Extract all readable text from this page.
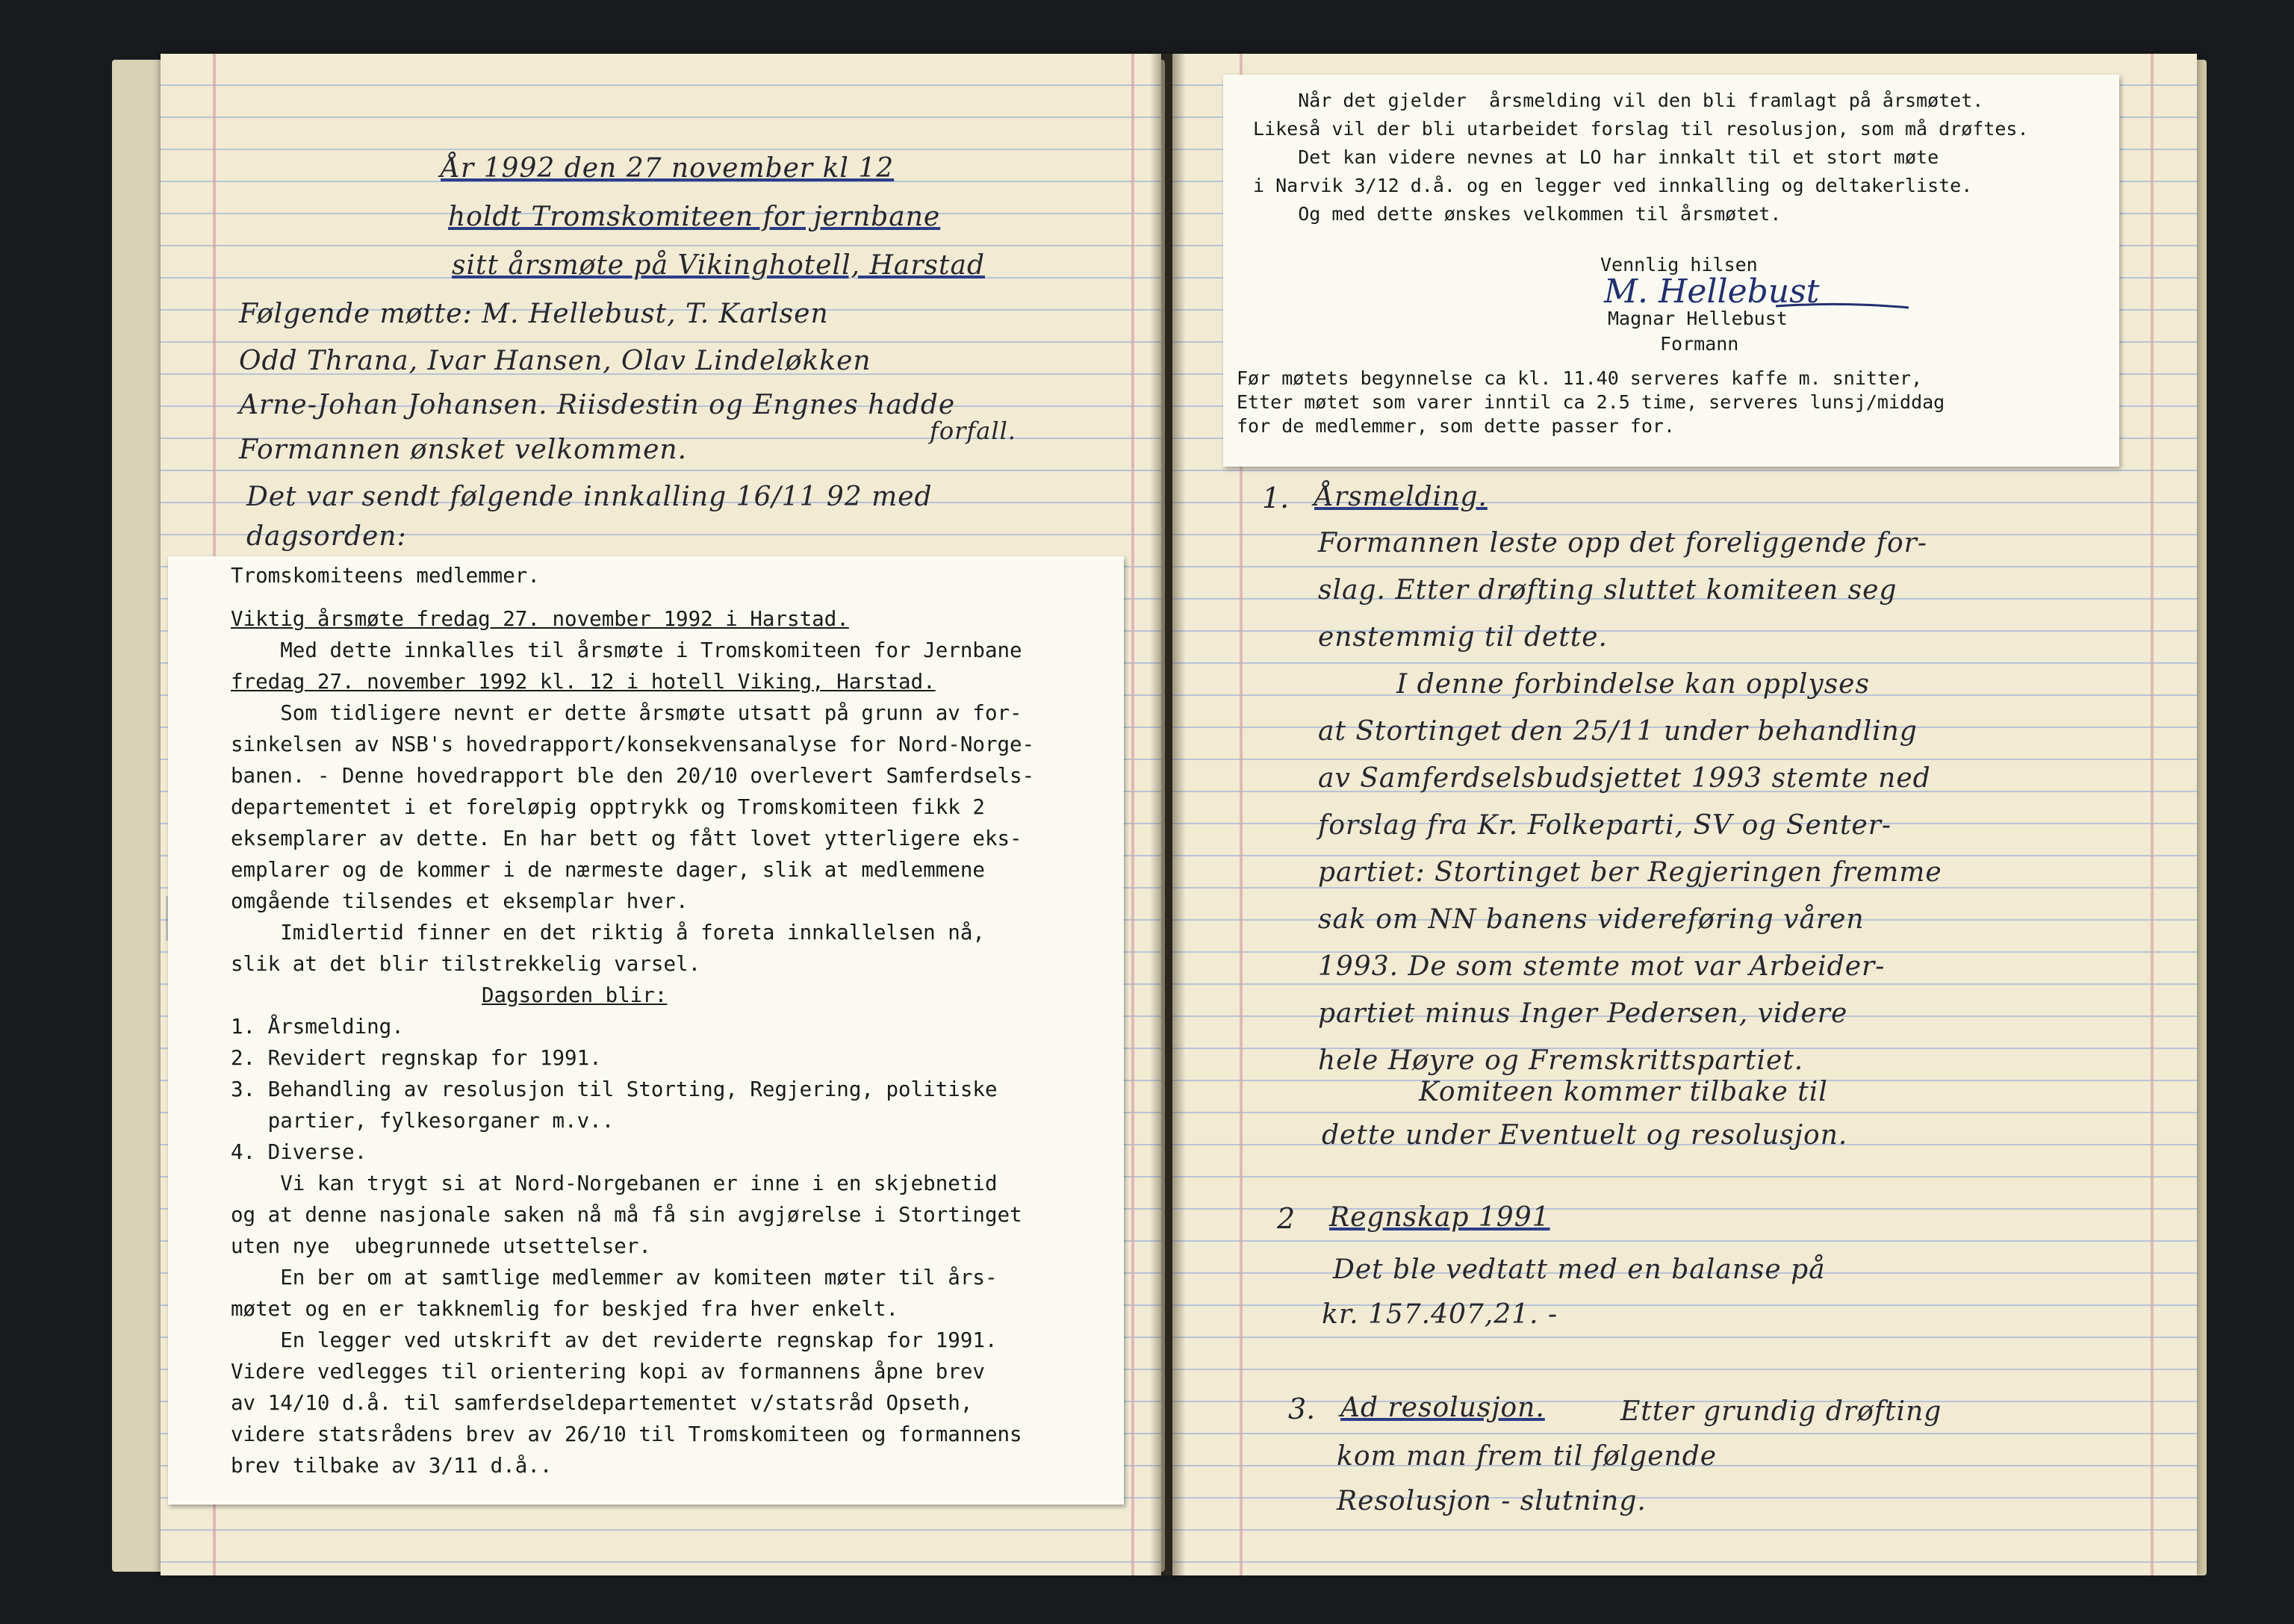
År 1992 den 27 november kl 12

holdt Tromskomiteen for jernbane

sitt årsmøte på Vikinghotell, Harstad

Følgende møtte: M. Hellebust, T. Karlsen

Odd Thrana, Ivar Hansen, Olav Lindeløkken

Arne-Johan Johansen. Riisdestin og Engnes hadde

Formannen ønsket velkommen.

forfall.

Det var sendt følgende innkalling 16/11 92 med

dagsorden:

Tromskomiteens medlemmer.

Viktig årsmøte fredag 27. november 1992 i Harstad.

Med dette innkalles til årsmøte i Tromskomiteen for Jernbane

fredag 27. november 1992 kl. 12 i hotell Viking, Harstad.

Som tidligere nevnt er dette årsmøte utsatt på grunn av for-

sinkelsen av NSB's hovedrapport/konsekvensanalyse for Nord-Norge-

banen. - Denne hovedrapport ble den 20/10 overlevert Samferdsels-

departementet i et foreløpig opptrykk og Tromskomiteen fikk 2

eksemplarer av dette. En har bett og fått lovet ytterligere eks-

emplarer og de kommer i de nærmeste dager, slik at medlemmene

omgående tilsendes et eksemplar hver.

Imidlertid finner en det riktig å foreta innkallelsen nå,

slik at det blir tilstrekkelig varsel.

Dagsorden blir:

1. Årsmelding.

2. Revidert regnskap for 1991.

3. Behandling av resolusjon til Storting, Regjering, politiske

partier, fylkesorganer m.v..

4. Diverse.

Vi kan trygt si at Nord-Norgebanen er inne i en skjebnetid

og at denne nasjonale saken nå må få sin avgjørelse i Stortinget

uten nye  ubegrunnede utsettelser.

En ber om at samtlige medlemmer av komiteen møter til års-

møtet og en er takknemlig for beskjed fra hver enkelt.

En legger ved utskrift av det reviderte regnskap for 1991.

Videre vedlegges til orientering kopi av formannens åpne brev

av 14/10 d.å. til samferdseldepartementet v/statsråd Opseth,

videre statsrådens brev av 26/10 til Tromskomiteen og formannens

brev tilbake av 3/11 d.å..

Når det gjelder  årsmelding vil den bli framlagt på årsmøtet.

Likeså vil der bli utarbeidet forslag til resolusjon, som må drøftes.

Det kan videre nevnes at LO har innkalt til et stort møte

i Narvik 3/12 d.å. og en legger ved innkalling og deltakerliste.

Og med dette ønskes velkommen til årsmøtet.

Vennlig hilsen

M. Hellebust

Magnar Hellebust

Formann

Før møtets begynnelse ca kl. 11.40 serveres kaffe m. snitter,

Etter møtet som varer inntil ca 2.5 time, serveres lunsj/middag

for de medlemmer, som dette passer for.

1. Årsmelding.

Formannen leste opp det foreliggende for-

slag. Etter drøfting sluttet komiteen seg

enstemmig til dette.

I denne forbindelse kan opplyses

at Stortinget den 25/11 under behandling

av Samferdselsbudsjettet 1993 stemte ned

forslag fra Kr. Folkeparti, SV og Senter-

partiet: Stortinget ber Regjeringen fremme

sak om NN banens videreføring våren

1993. De som stemte mot var Arbeider-

partiet minus Inger Pedersen, videre

hele Høyre og Fremskrittspartiet.

Komiteen kommer tilbake til

dette under Eventuelt og resolusjon.

2 Regnskap 1991

Det ble vedtatt med en balanse på

kr. 157.407,21. -

3. Ad resolusjon.	Etter grundig drøfting

kom man frem til følgende

Resolusjon - slutning.
